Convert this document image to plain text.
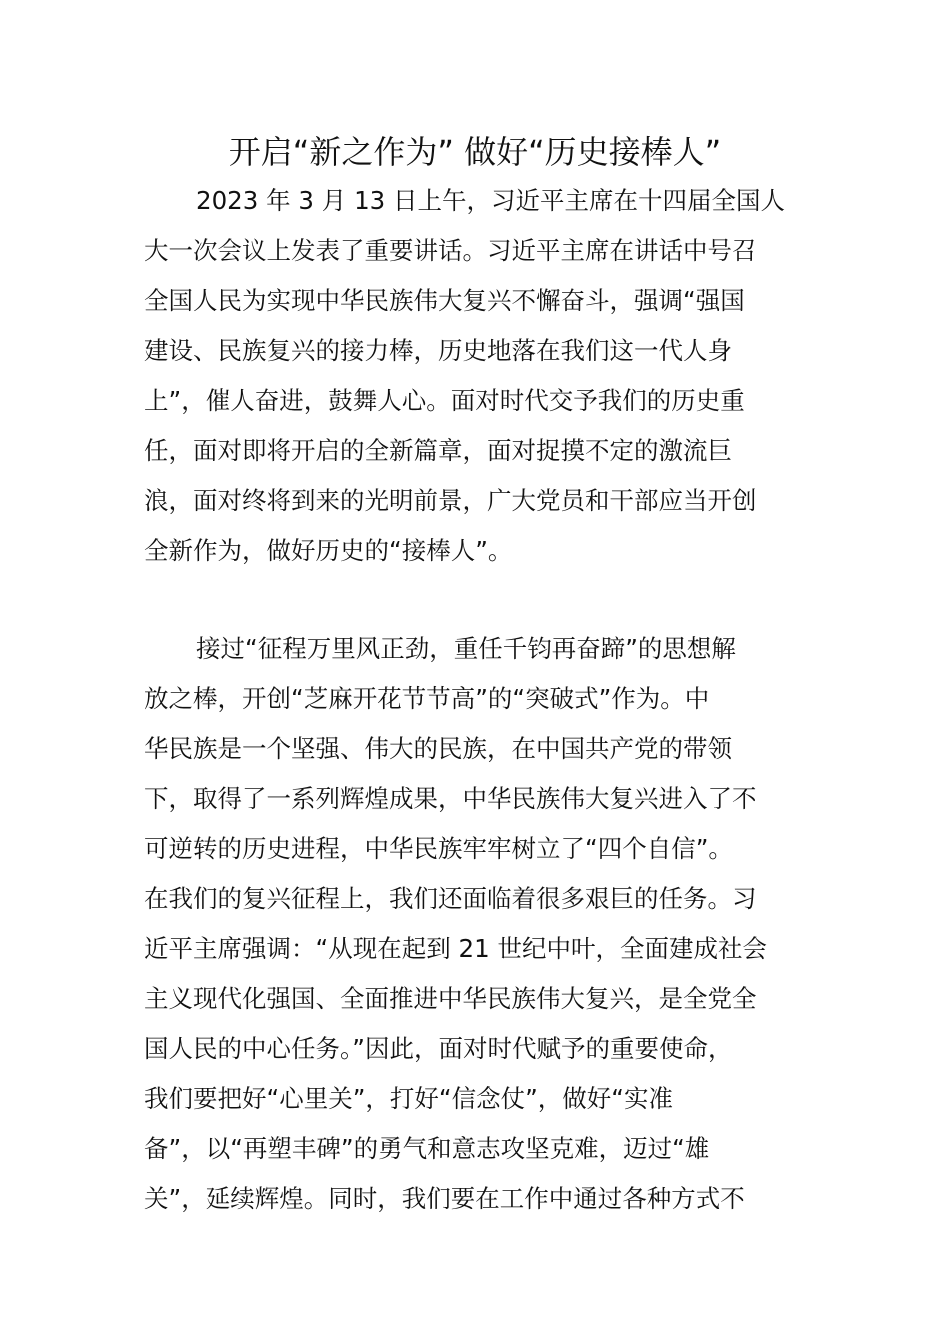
开启“新之作为” 做好“历史接棒人”
2023 年 3 月 13 日上午，习近平主席在十四届全国人
大一次会议上发表了重要讲话。习近平主席在讲话中号召
全国人民为实现中华民族伟大复兴不懈奋斗，强调“强国
建设、民族复兴的接力棒，历史地落在我们这一代人身
上”，催人奋进，鼓舞人心。面对时代交予我们的历史重
任，面对即将开启的全新篇章，面对捉摸不定的激流巨
浪，面对终将到来的光明前景，广大党员和干部应当开创
全新作为，做好历史的“接棒人”。
接过“征程万里风正劲，重任千钧再奋蹄”的思想解
放之棒，开创“芝麻开花节节高”的“突破式”作为。中
华民族是一个坚强、伟大的民族，在中国共产党的带领
下，取得了一系列辉煌成果，中华民族伟大复兴进入了不
可逆转的历史进程，中华民族牢牢树立了“四个自信”。
在我们的复兴征程上，我们还面临着很多艰巨的任务。习
近平主席强调：“从现在起到 21 世纪中叶，全面建成社会
主义现代化强国、全面推进中华民族伟大复兴，是全党全
国人民的中心任务。”因此，面对时代赋予的重要使命，
我们要把好“心里关”，打好“信念仗”，做好“实准
备”，以“再塑丰碑”的勇气和意志攻坚克难，迈过“雄
关”，延续辉煌。同时，我们要在工作中通过各种方式不
